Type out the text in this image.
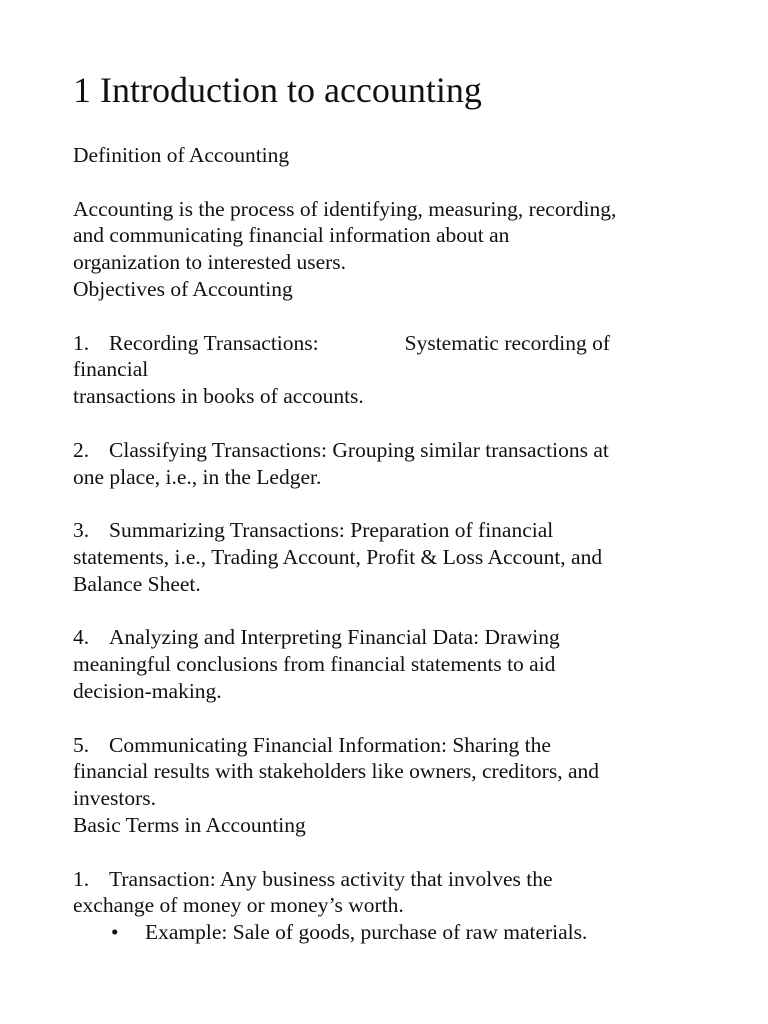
1 Introduction to accounting
Definition of Accounting
Accounting is the process of identifying, measuring, recording,
and communicating financial information about an
organization to interested users.
Objectives of Accounting
1. Recording Transactions:	Systematic recording of
financial
transactions in books of accounts.
2. Classifying Transactions: Grouping similar transactions at
one place, i.e., in the Ledger.
3. Summarizing Transactions: Preparation of financial
statements, i.e., Trading Account, Profit & Loss Account, and
Balance Sheet.
4. Analyzing and Interpreting Financial Data: Drawing
meaningful conclusions from financial statements to aid
decision-making.
5. Communicating Financial Information: Sharing the
financial results with stakeholders like owners, creditors, and
investors.
Basic Terms in Accounting
1. Transaction: Any business activity that involves the
exchange of money or money’s worth.
• Example: Sale of goods, purchase of raw materials.
